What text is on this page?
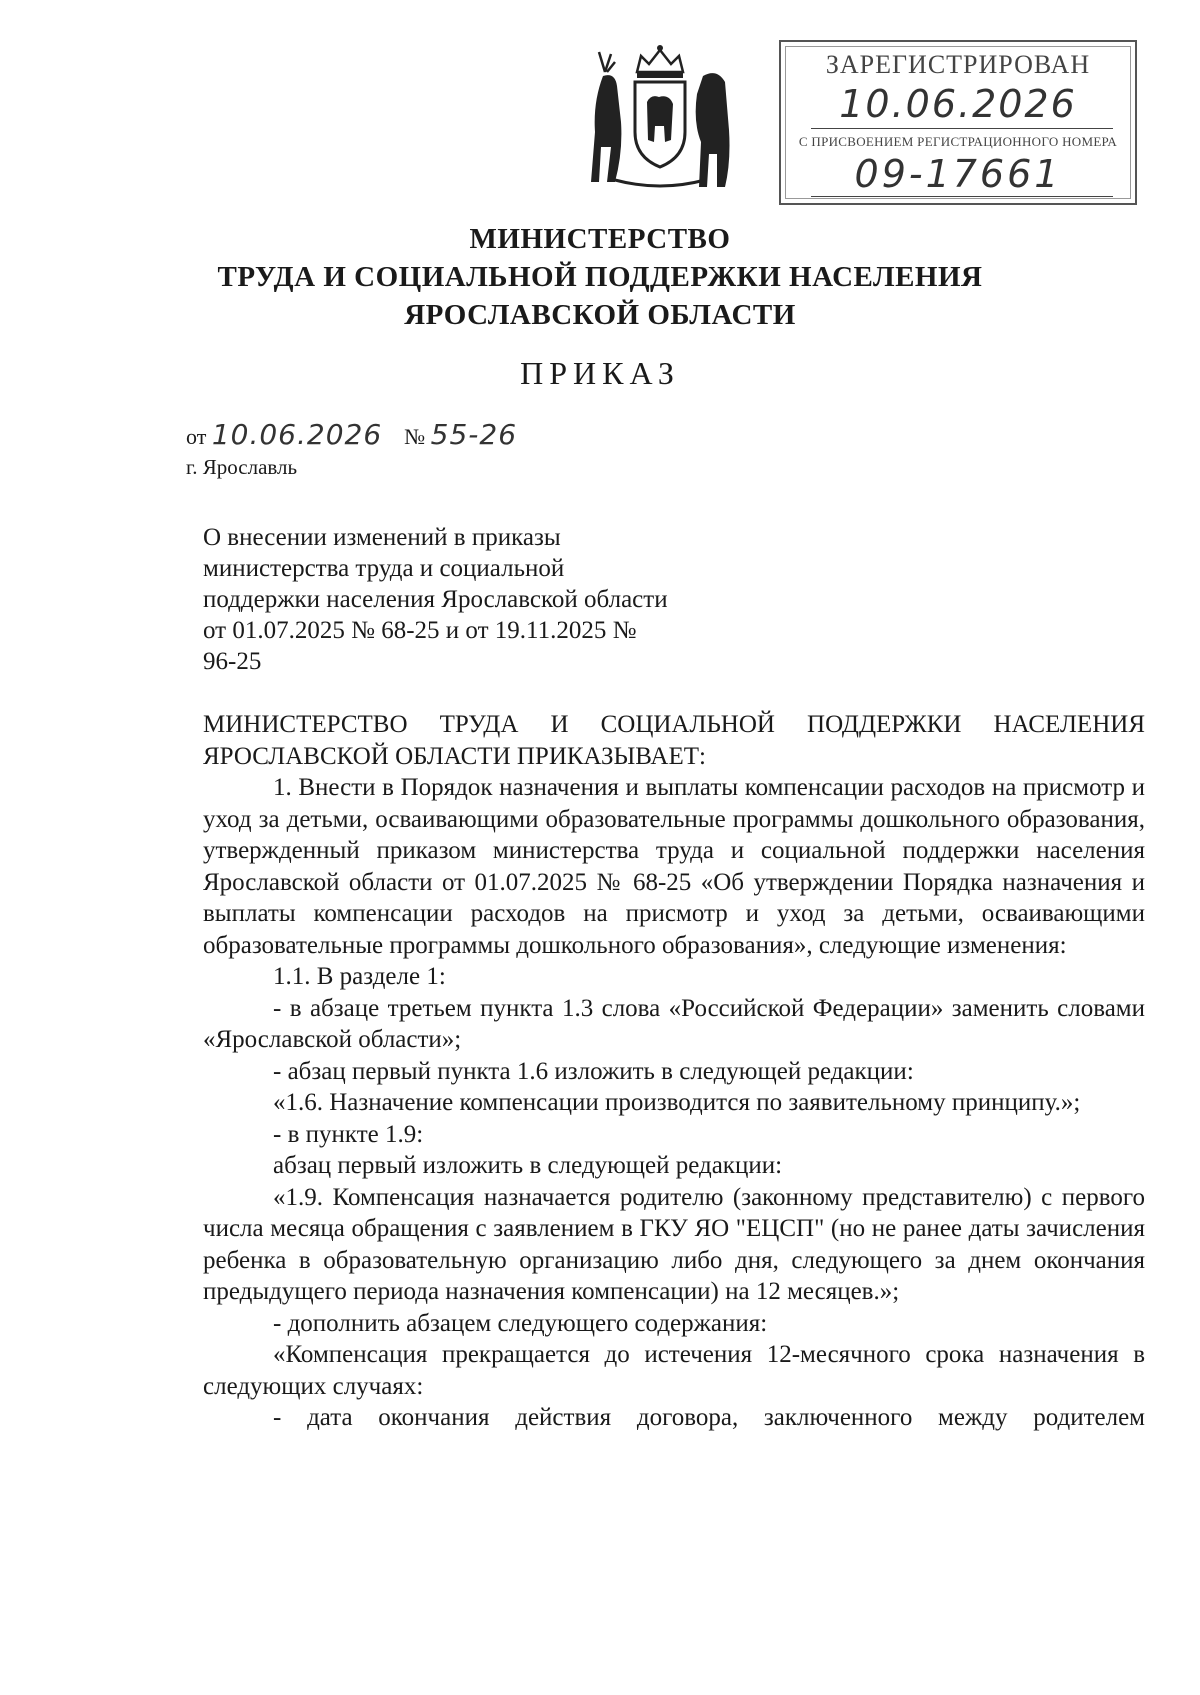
ЗАРЕГИСТРИРОВАН
10.06.2026
С ПРИСВОЕНИЕМ РЕГИСТРАЦИОННОГО НОМЕРА
09-17661
МИНИСТЕРСТВО
ТРУДА И СОЦИАЛЬНОЙ ПОДДЕРЖКИ НАСЕЛЕНИЯ
ЯРОСЛАВСКОЙ ОБЛАСТИ
ПРИКАЗ
от 10.06.2026 № 55-26
г. Ярославль
О внесении изменений в приказы министерства труда и социальной поддержки населения Ярославской области от 01.07.2025 № 68-25 и от 19.11.2025 № 96-25

МИНИСТЕРСТВО ТРУДА И СОЦИАЛЬНОЙ ПОДДЕРЖКИ НАСЕЛЕНИЯ ЯРОСЛАВСКОЙ ОБЛАСТИ ПРИКАЗЫВАЕТ:

1. Внести в Порядок назначения и выплаты компенсации расходов на присмотр и уход за детьми, осваивающими образовательные программы дошкольного образования, утвержденный приказом министерства труда и социальной поддержки населения Ярославской области от 01.07.2025 № 68-25 «Об утверждении Порядка назначения и выплаты компенсации расходов на присмотр и уход за детьми, осваивающими образовательные программы дошкольного образования», следующие изменения:

1.1. В разделе 1:

- в абзаце третьем пункта 1.3 слова «Российской Федерации» заменить словами «Ярославской области»;

- абзац первый пункта 1.6 изложить в следующей редакции:

«1.6. Назначение компенсации производится по заявительному принципу.»;

- в пункте 1.9:

абзац первый изложить в следующей редакции:

«1.9. Компенсация назначается родителю (законному представителю) с первого числа месяца обращения с заявлением в ГКУ ЯО "ЕЦСП" (но не ранее даты зачисления ребенка в образовательную организацию либо дня, следующего за днем окончания предыдущего периода назначения компенсации) на 12 месяцев.»;

- дополнить абзацем следующего содержания:

«Компенсация прекращается до истечения 12-месячного срока назначения в следующих случаях:

- дата окончания действия договора, заключенного между родителем
